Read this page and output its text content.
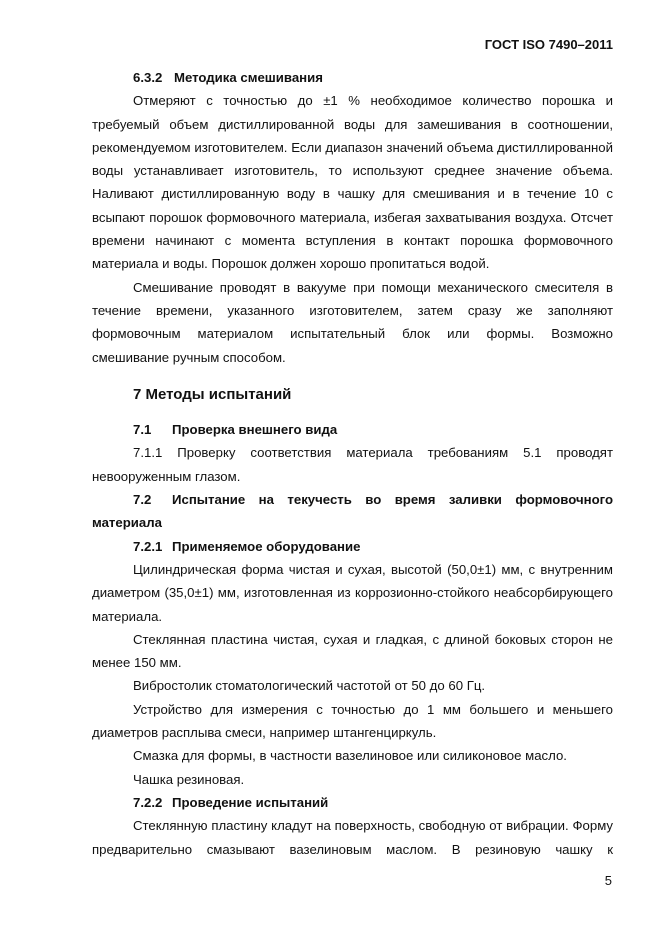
ГОСТ ISO 7490–2011

6.3.2 Методика смешивания

Отмеряют с точностью до ±1 % необходимое количество порошка и требуемый объем дистиллированной воды для замешивания в соотношении, рекомендуемом изготовителем. Если диапазон значений объема дистиллированной воды устанавливает изготовитель, то используют среднее значение объема. Наливают дистиллированную воду в чашку для смешивания и в течение 10 с всыпают порошок формовочного материала, избегая захватывания воздуха. Отсчет времени начинают с момента вступления в контакт порошка формовочного материала и воды. Порошок должен хорошо пропитаться водой.

Смешивание проводят в вакууме при помощи механического смесителя в течение времени, указанного изготовителем, затем сразу же заполняют формовочным материалом испытательный блок или формы. Возможно смешивание ручным способом.

7 Методы испытаний

7.1 Проверка внешнего вида

7.1.1 Проверку соответствия материала требованиям 5.1 проводят невооруженным глазом.

7.2 Испытание на текучесть во время заливки формовочного материала

7.2.1 Применяемое оборудование

Цилиндрическая форма чистая и сухая, высотой (50,0±1) мм, с внутренним диаметром (35,0±1) мм, изготовленная из коррозионно-стойкого неабсорбирующего материала.

Стеклянная пластина чистая, сухая и гладкая, с длиной боковых сторон не менее 150 мм.

Вибростолик стоматологический частотой от 50 до 60 Гц.

Устройство для измерения с точностью до 1 мм большего и меньшего диаметров расплыва смеси, например штангенциркуль.

Смазка для формы, в частности вазелиновое или силиконовое масло.

Чашка резиновая.

7.2.2 Проведение испытаний

Стеклянную пластину кладут на поверхность, свободную от вибрации. Форму предварительно смазывают вазелиновым маслом. В резиновую чашку к

5
